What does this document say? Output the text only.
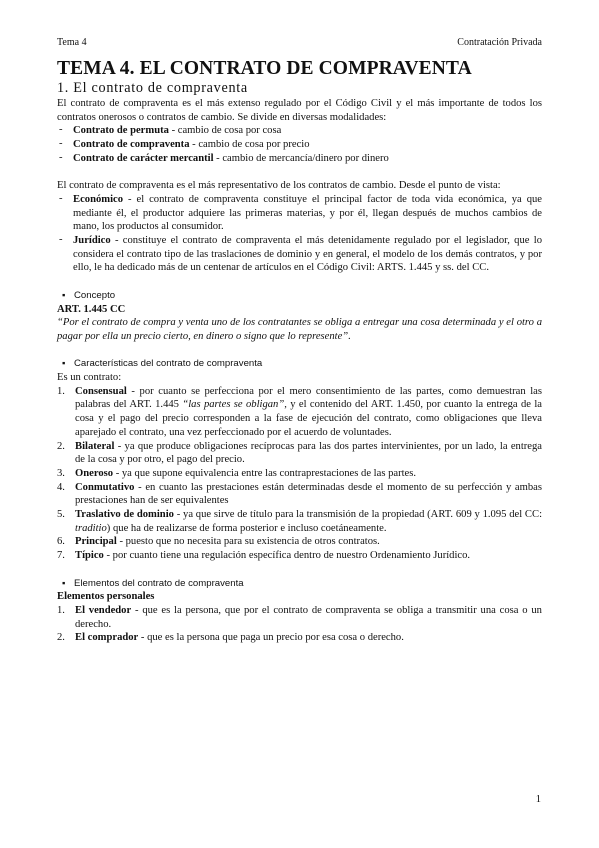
Tema 4	Contratación Privada
TEMA 4. EL CONTRATO DE COMPRAVENTA
1. El contrato de compraventa

El contrato de compraventa es el más extenso regulado por el Código Civil y el más importante de todos los contratos onerosos o contratos de cambio. Se divide en diversas modalidades:

- Contrato de permuta - cambio de cosa por cosa
- Contrato de compraventa - cambio de cosa por precio
- Contrato de carácter mercantil - cambio de mercancía/dinero por dinero

El contrato de compraventa es el más representativo de los contratos de cambio. Desde el punto de vista:

- Económico - el contrato de compraventa constituye el principal factor de toda vida económica, ya que mediante él, el productor adquiere las primeras materias, y por él, llegan después de muchos cambios de mano, los productos al consumidor.
- Jurídico - constituye el contrato de compraventa el más detenidamente regulado por el legislador, que lo considera el contrato tipo de las traslaciones de dominio y en general, el modelo de los demás contratos, y por ello, le ha dedicado más de un centenar de artículos en el Código Civil: ARTS. 1.445 y ss. del CC.
▪ Concepto
ART. 1.445 CC

“Por el contrato de compra y venta uno de los contratantes se obliga a entregar una cosa determinada y el otro a pagar por ella un precio cierto, en dinero o signo que lo represente”.

▪ Características del contrato de compraventa

Es un contrato:

1. Consensual - por cuanto se perfecciona por el mero consentimiento de las partes, como demuestran las palabras del ART. 1.445 “las partes se obligan”, y el contenido del ART. 1.450, por cuanto la entrega de la cosa y el pago del precio corresponden a la fase de ejecución del contrato, como obligaciones que lleva aparejado el contrato, una vez perfeccionado por el acuerdo de voluntades.
2. Bilateral - ya que produce obligaciones recíprocas para las dos partes intervinientes, por un lado, la entrega de la cosa y por otro, el pago del precio.
3. Oneroso - ya que supone equivalencia entre las contraprestaciones de las partes.
4. Conmutativo - en cuanto las prestaciones están determinadas desde el momento de su perfección y ambas prestaciones han de ser equivalentes
5. Traslativo de dominio - ya que sirve de título para la transmisión de la propiedad (ART. 609 y 1.095 del CC: traditio) que ha de realizarse de forma posterior e incluso coetáneamente.
6. Principal - puesto que no necesita para su existencia de otros contratos.
7. Típico - por cuanto tiene una regulación específica dentro de nuestro Ordenamiento Jurídico.
▪ Elementos del contrato de compraventa
Elementos personales
1. El vendedor - que es la persona, que por el contrato de compraventa se obliga a transmitir una cosa o un derecho.
2. El comprador - que es la persona que paga un precio por esa cosa o derecho.
1
